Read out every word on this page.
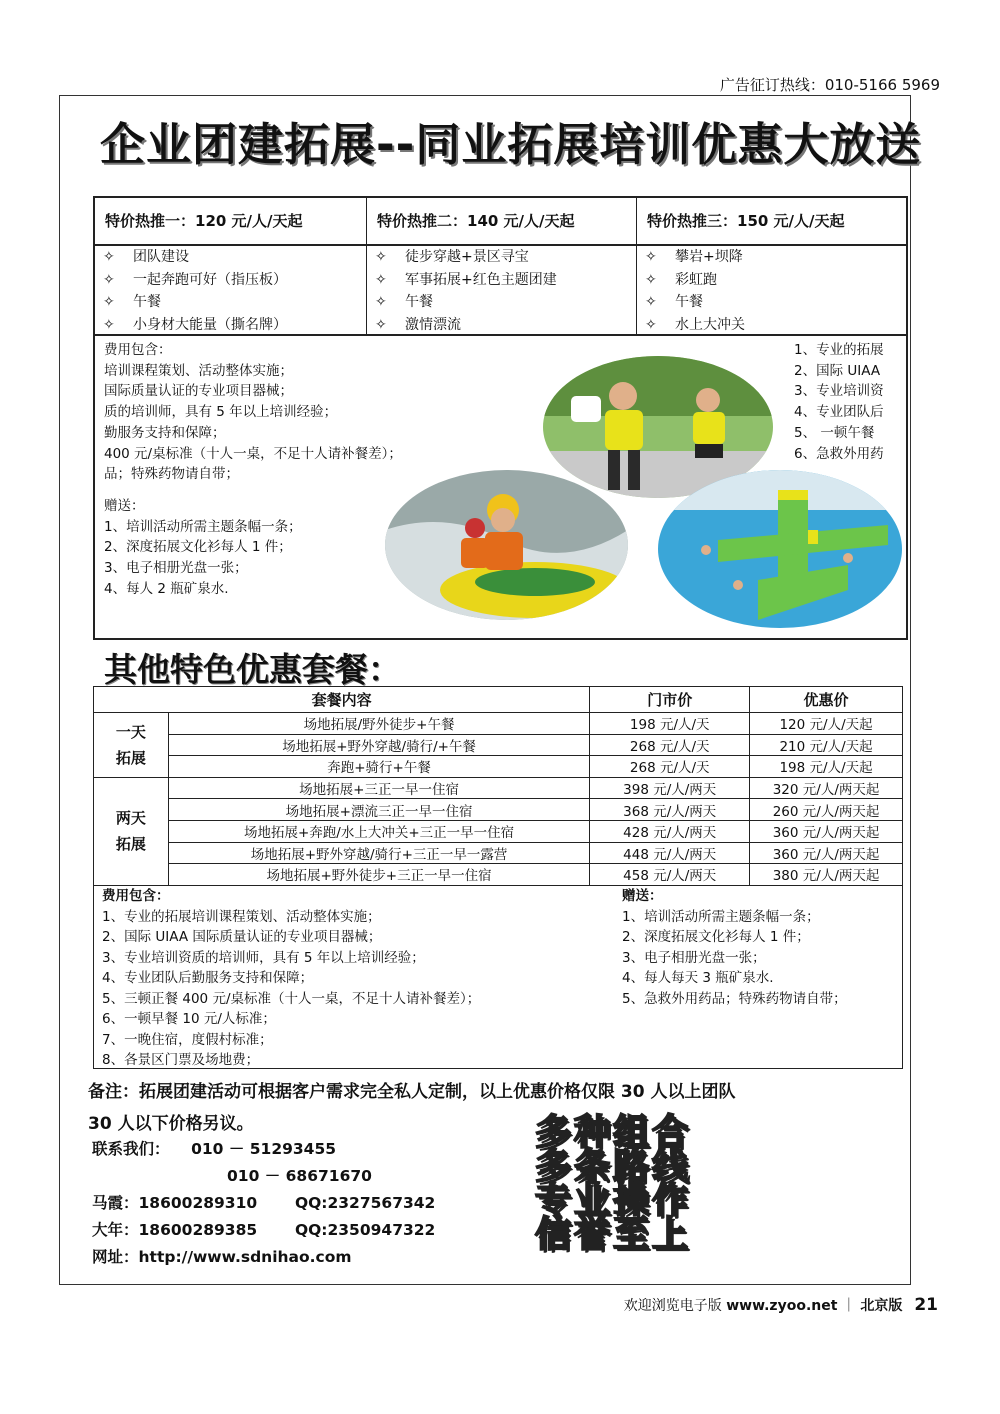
广告征订热线：010-5166 5969
企业团建拓展--同业拓展培训优惠大放送
特价热推一：120 元/人/天起
✧ 团队建设
✧ 一起奔跑可好（指压板）
✧ 午餐
✧ 小身材大能量（撕名牌）
特价热推二：140 元/人/天起
✧ 徒步穿越+景区寻宝
✧ 军事拓展+红色主题团建
✧ 午餐
✧ 激情漂流
特价热推三：150 元/人/天起
✧ 攀岩+坝降
✧ 彩虹跑
✧ 午餐
✧ 水上大冲关
费用包含：
培训课程策划、活动整体实施；
国际质量认证的专业项目器械；
质的培训师，具有 5 年以上培训经验；
勤服务支持和保障；
400 元/桌标准（十人一桌，不足十人请补餐差）；
品；特殊药物请自带；
赠送：
1、培训活动所需主题条幅一条；
2、深度拓展文化衫每人 1 件；
3、电子相册光盘一张；
4、每人 2 瓶矿泉水.
1、专业的拓展
2、国际 UIAA
3、专业培训资
4、专业团队后
5、 一顿午餐
6、急救外用药
其他特色优惠套餐：
套餐内容		门市价	优惠价
一天
拓展	场地拓展/野外徒步+午餐	198 元/人/天	120 元/人/天起
	场地拓展+野外穿越/骑行/+午餐	268 元/人/天	210 元/人/天起
	奔跑+骑行+午餐	268 元/人/天	198 元/人/天起
两天
拓展	场地拓展+三正一早一住宿	398 元/人/两天	320 元/人/两天起
	场地拓展+漂流三正一早一住宿	368 元/人/两天	260 元/人/两天起
	场地拓展+奔跑/水上大冲关+三正一早一住宿	428 元/人/两天	360 元/人/两天起
	场地拓展+野外穿越/骑行+三正一早一露营	448 元/人/两天	360 元/人/两天起
	场地拓展+野外徒步+三正一早一住宿	458 元/人/两天	380 元/人/两天起
费用包含：
1、专业的拓展培训课程策划、活动整体实施；
2、国际 UIAA 国际质量认证的专业项目器械；
3、专业培训资质的培训师，具有 5 年以上培训经验；
4、专业团队后勤服务支持和保障；
5、三顿正餐 400 元/桌标准（十人一桌，不足十人请补餐差）；
6、一顿早餐 10 元/人标准；
7、一晚住宿，度假村标准；
8、各景区门票及场地费；
赠送：
1、培训活动所需主题条幅一条；
2、深度拓展文化衫每人 1 件；
3、电子相册光盘一张；
4、每人每天 3 瓶矿泉水.
5、急救外用药品；特殊药物请自带；
备注：拓展团建活动可根据客户需求完全私人定制，以上优惠价格仅限 30 人以上团队
30 人以下价格另议。
联系我们： 010 － 51293455
010 － 68671670
马霞：18600289310 QQ:2327567342
大年：18600289385 QQ:2350947322
网址：http://www.sdnihao.com
多种组合
多条路线
专业操作
信誉至上
欢迎浏览电子版 www.zyoo.net ｜ 北京版 21
